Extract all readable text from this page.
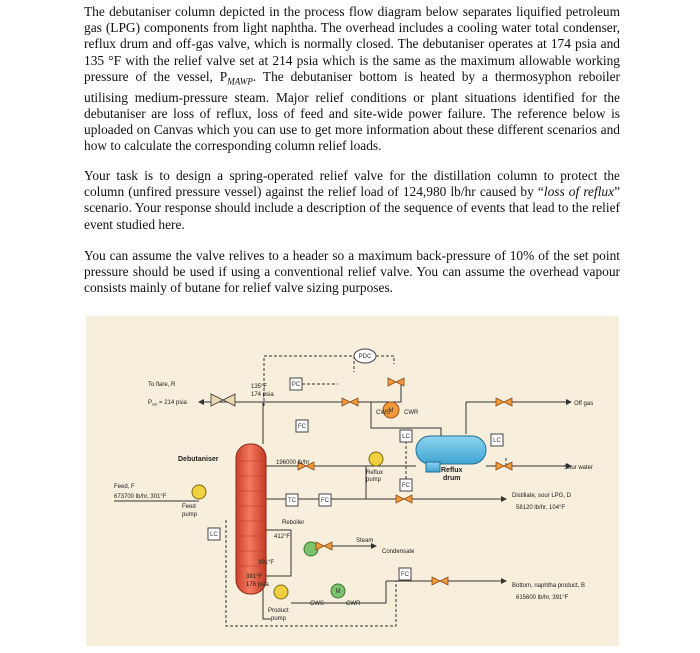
The debutaniser column depicted in the process flow diagram below separates liquified petroleum gas (LPG) components from light naphtha. The overhead includes a cooling water total condenser, reflux drum and off-gas valve, which is normally closed. The debutaniser operates at 174 psia and 135 °F with the relief valve set at 214 psia which is the same as the maximum allowable working pressure of the vessel, $P_{MAWP}$. The debutaniser bottom is heated by a thermosyphon reboiler utilising medium-pressure steam. Major relief conditions or plant situations identified for the debutaniser are loss of reflux, loss of feed and site-wide power failure. The reference below is uploaded on Canvas which you can use to get more information about these different scenarios and how to calculate the corresponding column relief loads.

Your task is to design a spring-operated relief valve for the distillation column to protect the column (unfired pressure vessel) against the relief load of 124,980 lb/hr caused by “loss of reflux” scenario. Your response should include a description of the sequence of events that lead to the relief event studied here.

You can assume the valve relives to a header so a maximum back-pressure of 10% of the set point pressure should be used if using a conventional relief valve. You can assume the overhead vapour consists mainly of butane for relief valve sizing purposes.

PDC
PC
FC
LC
FC
TC	FC
LC
LC
FC
M
M
To flare, R
$P_{set} = 214$ psia
135°F
174 psia
Debutaniser
Feed, F
673700 lb/hr, 301°F
Feed
pump
196000 lb/hr
Reboiler
412°F
391°F
391°F
178 psia
Product
pump
CWS	CWR
CWS CWR
Off gas
Reflux
pump
Reflux
drum
Sour water
Distillate, sour LPG, D
58120 lb/hr, 104°F
Steam
Condensate
Bottom, naphtha product, B
615600 lb/hr, 391°F
